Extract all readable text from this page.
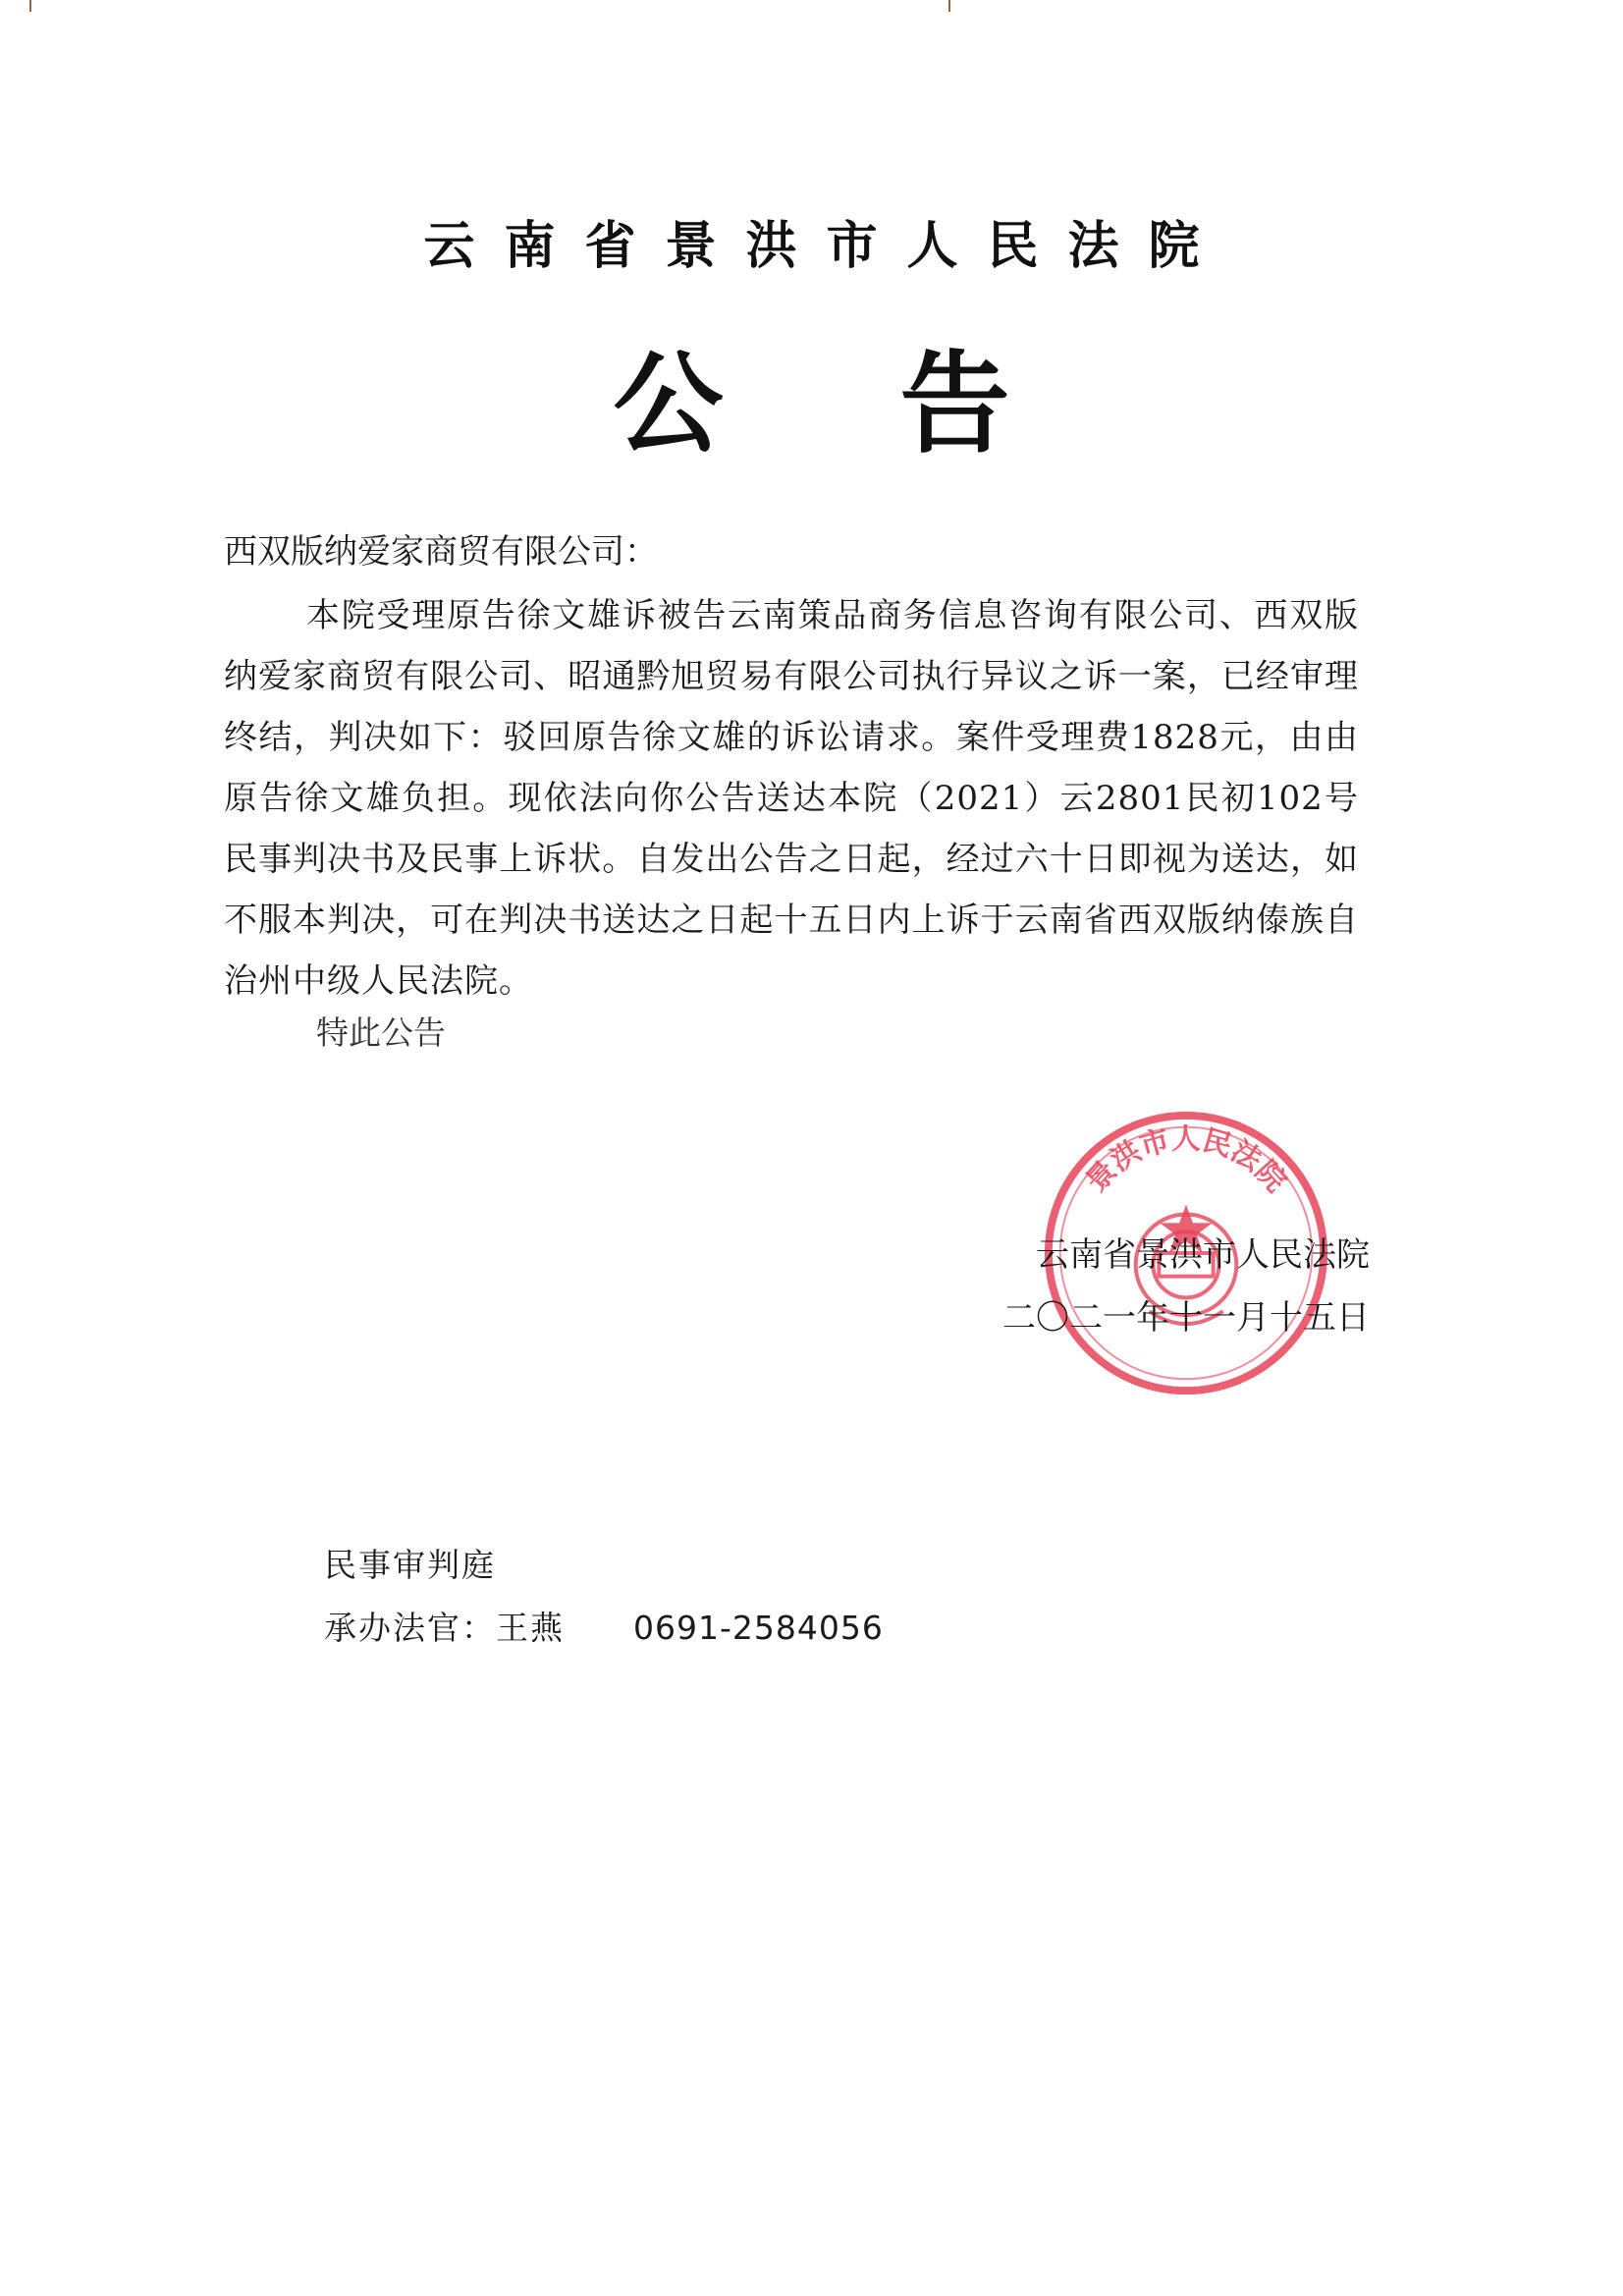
云南省景洪市人民法院
公告
西双版纳爱家商贸有限公司：
本院受理原告徐文雄诉被告云南策品商务信息咨询有限公司、西双版纳爱家商贸有限公司、昭通黔旭贸易有限公司执行异议之诉一案，已经审理终结，判决如下：驳回原告徐文雄的诉讼请求。案件受理费1828元，由由原告徐文雄负担。现依法向你公告送达本院（2021）云2801民初102号民事判决书及民事上诉状。自发出公告之日起，经过六十日即视为送达，如不服本判决，可在判决书送达之日起十五日内上诉于云南省西双版纳傣族自治州中级人民法院。
特此公告
景洪市人民法院
云南省景洪市人民法院
二〇二一年十一月十五日
民事审判庭
承办法官：王燕 0691-2584056
